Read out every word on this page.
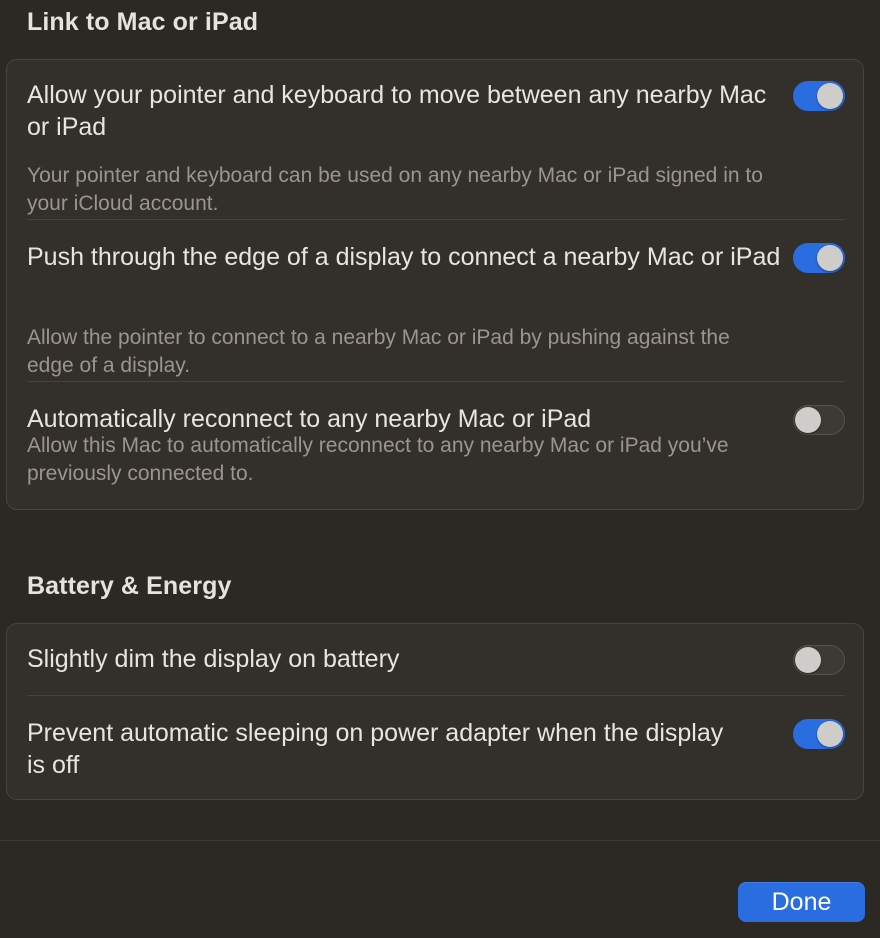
Link to Mac or iPad
Allow your pointer and keyboard to move between any nearby Mac or iPad
Your pointer and keyboard can be used on any nearby Mac or iPad signed in to your iCloud account.
Push through the edge of a display to connect a nearby Mac or iPad
Allow the pointer to connect to a nearby Mac or iPad by pushing against the edge of a display.
Automatically reconnect to any nearby Mac or iPad
Allow this Mac to automatically reconnect to any nearby Mac or iPad you’ve previously connected to.
Battery & Energy
Slightly dim the display on battery
Prevent automatic sleeping on power adapter when the display is off
Done
